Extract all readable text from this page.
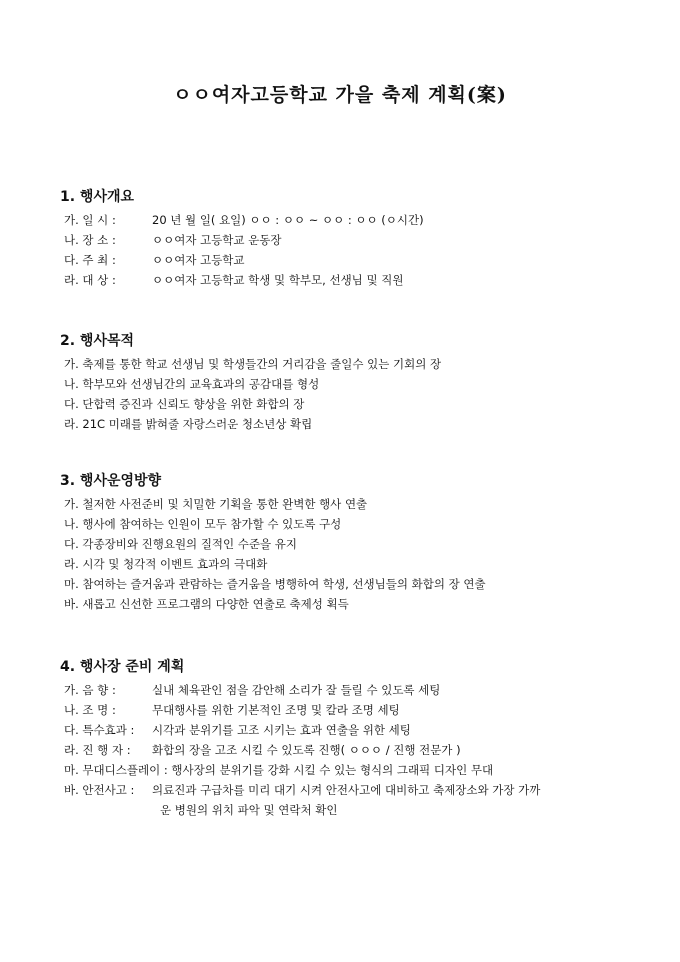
ㅇㅇ여자고등학교 가을 축제 계획(案)
1. 행사개요
가. 일 시 :	20 년 월 일( 요일) ㅇㅇ : ㅇㅇ ~ ㅇㅇ : ㅇㅇ (ㅇ시간)
나. 장 소 :	ㅇㅇ여자 고등학교 운동장
다. 주 최 :	ㅇㅇ여자 고등학교
라. 대 상 :	ㅇㅇ여자 고등학교 학생 및 학부모, 선생님 및 직원
2. 행사목적
가. 축제를 통한 학교 선생님 및 학생들간의 거리감을 줄일수 있는 기회의 장
나. 학부모와 선생님간의 교육효과의 공감대를 형성
다. 단합력 증진과 신뢰도 향상을 위한 화합의 장
라. 21C 미래를 밝혀줄 자랑스러운 청소년상 확립
3. 행사운영방향
가. 철저한 사전준비 및 치밀한 기획을 통한 완벽한 행사 연출
나. 행사에 참여하는 인원이 모두 참가할 수 있도록 구성
다. 각종장비와 진행요원의 질적인 수준을 유지
라. 시각 및 청각적 이벤트 효과의 극대화
마. 참여하는 즐거움과 관람하는 즐거움을 병행하여 학생, 선생님들의 화합의 장 연출
바. 새롭고 신선한 프로그램의 다양한 연출로 축제성 획득
4. 행사장 준비 계획
가. 음 향 :	실내 체육관인 점을 감안해 소리가 잘 들릴 수 있도록 세팅
나. 조 명 :	무대행사를 위한 기본적인 조명 및 칼라 조명 세팅
다. 특수효과 : 시각과 분위기를 고조 시키는 효과 연출을 위한 세팅
라. 진 행 자 : 화합의 장을 고조 시킬 수 있도록 진행( ㅇㅇㅇ / 진행 전문가 )
마. 무대디스플레이 : 행사장의 분위기를 강화 시킬 수 있는 형식의 그래픽 디자인 무대
바. 안전사고 : 의료진과 구급차를 미리 대기 시켜 안전사고에 대비하고 축제장소와 가장 가까
운 병원의 위치 파악 및 연락처 확인
